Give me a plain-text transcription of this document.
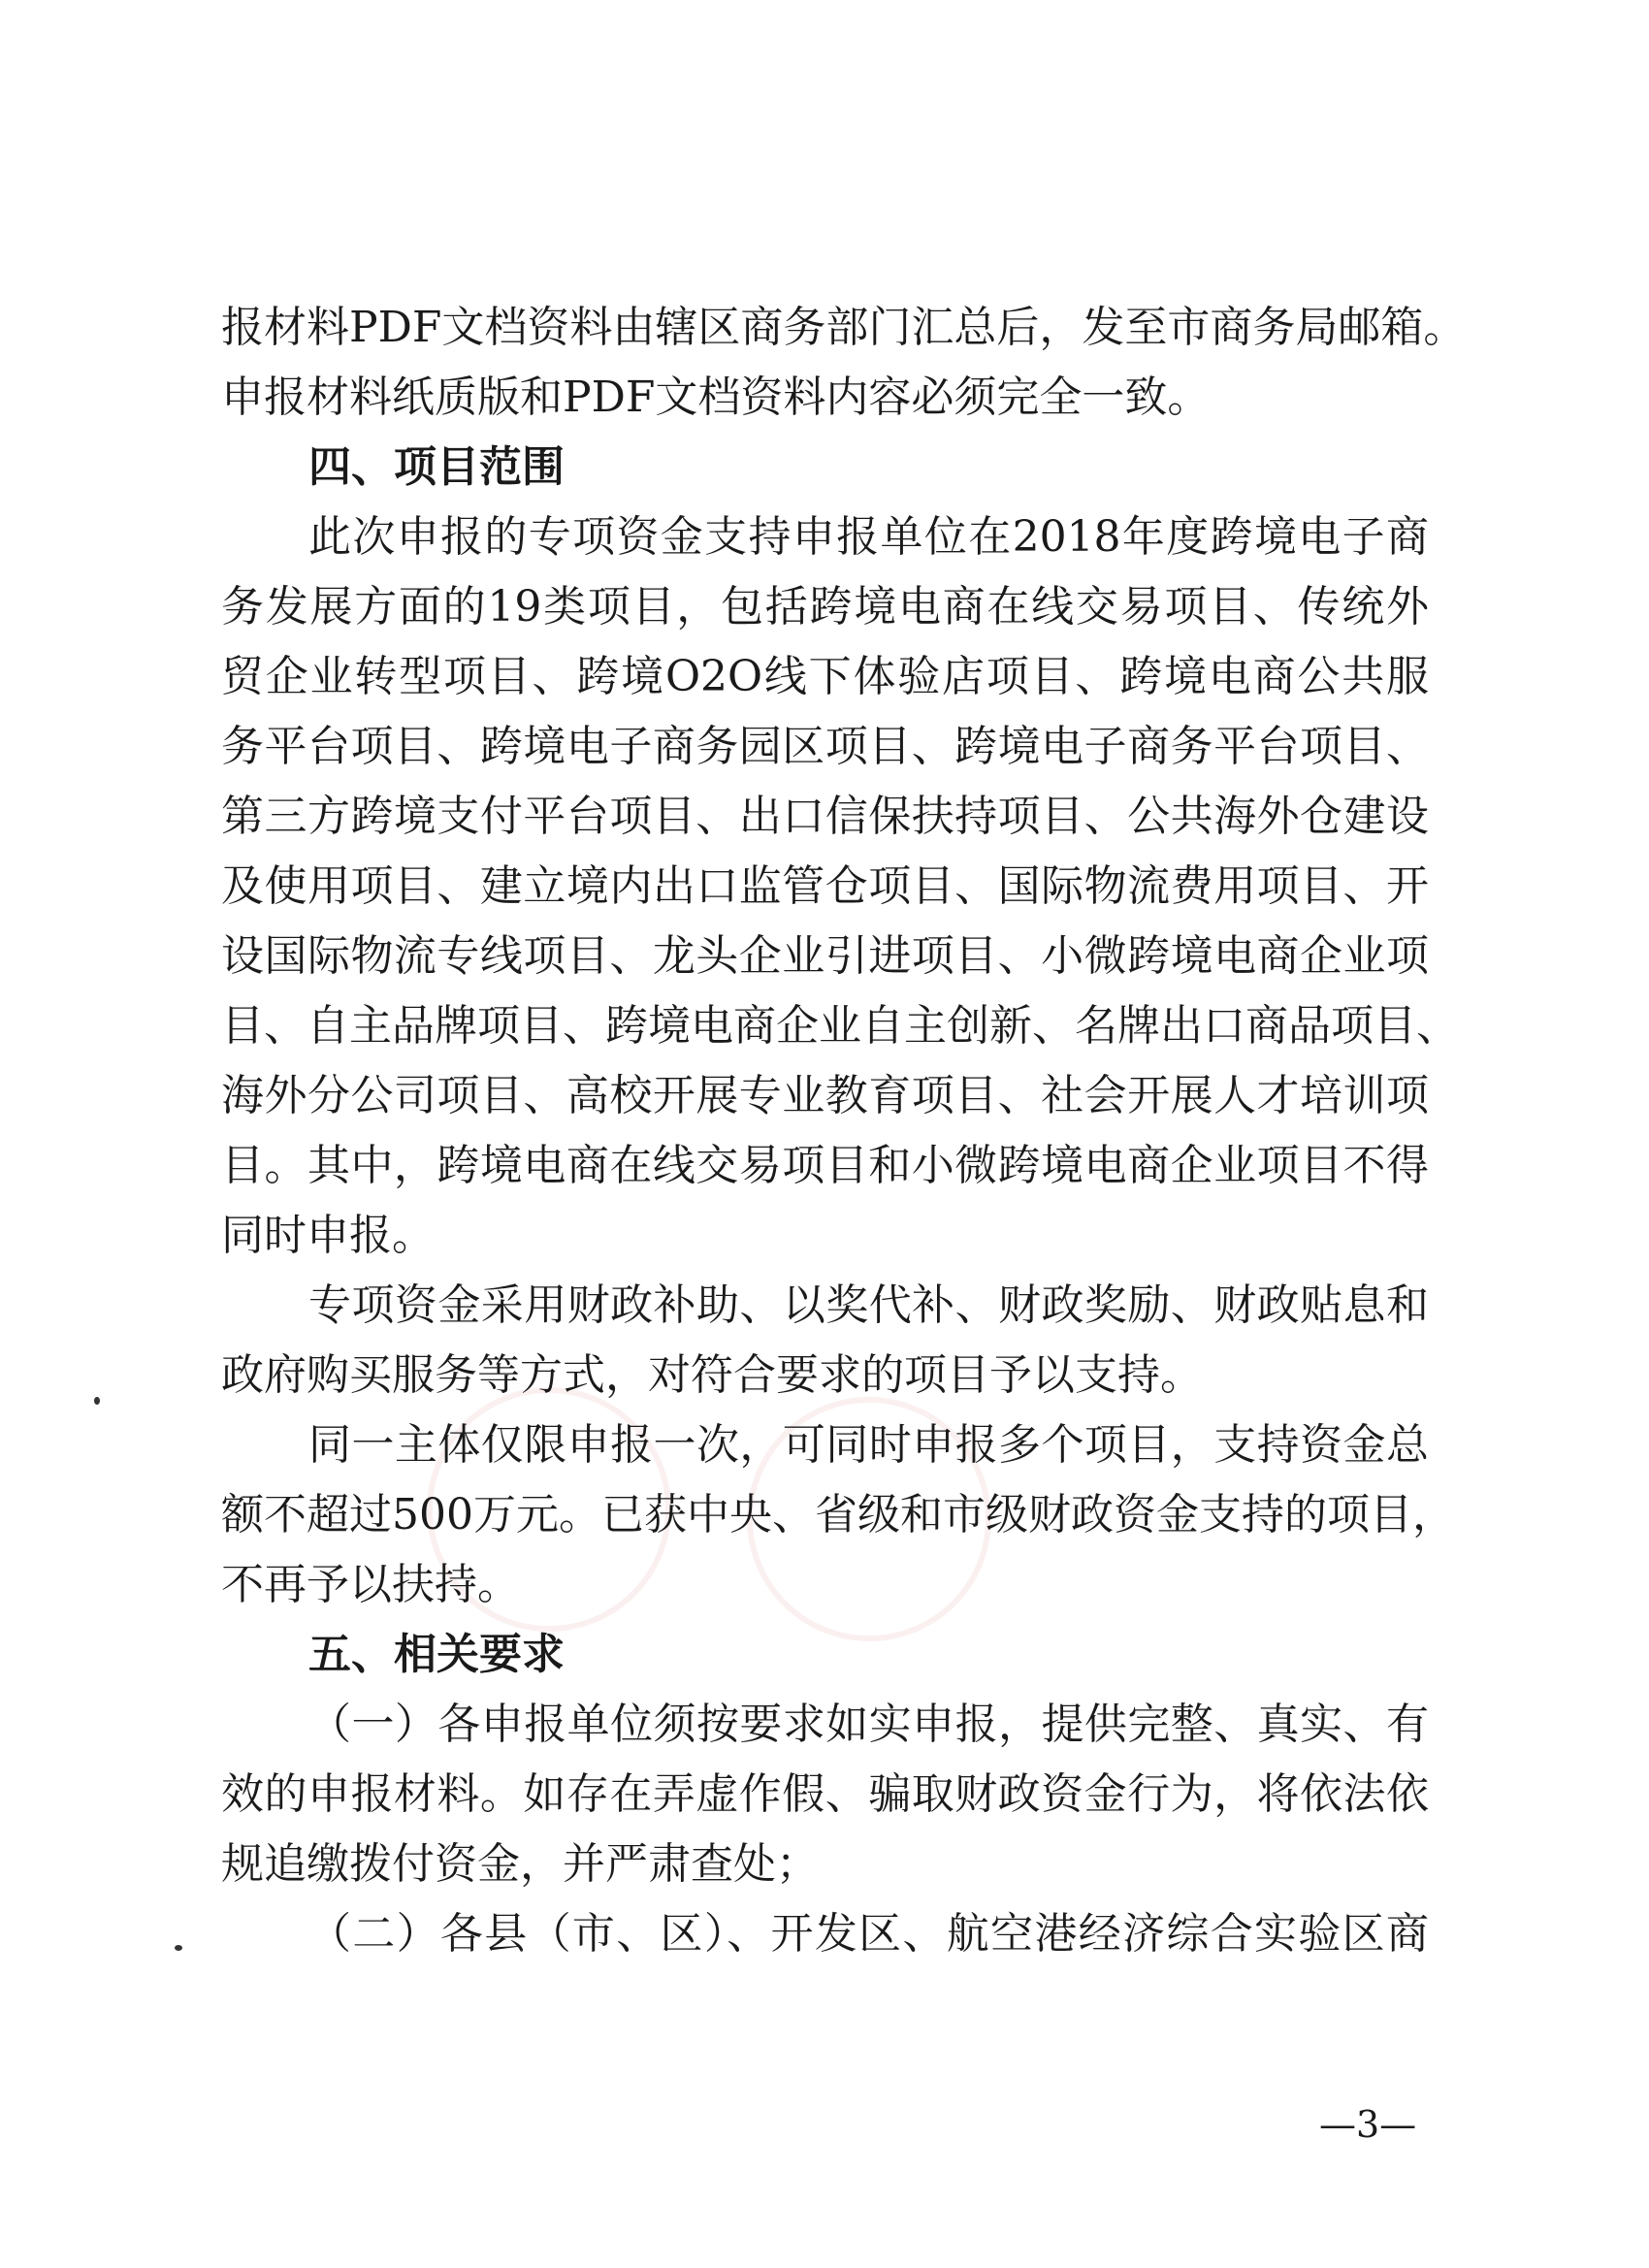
报材料PDF文档资料由辖区商务部门汇总后，发至市商务局邮箱。
申报材料纸质版和PDF文档资料内容必须完全一致。
四、项目范围
此次申报的专项资金支持申报单位在2018年度跨境电子商
务发展方面的19类项目，包括跨境电商在线交易项目、传统外
贸企业转型项目、跨境O2O线下体验店项目、跨境电商公共服
务平台项目、跨境电子商务园区项目、跨境电子商务平台项目、
第三方跨境支付平台项目、出口信保扶持项目、公共海外仓建设
及使用项目、建立境内出口监管仓项目、国际物流费用项目、开
设国际物流专线项目、龙头企业引进项目、小微跨境电商企业项
目、自主品牌项目、跨境电商企业自主创新、名牌出口商品项目、
海外分公司项目、高校开展专业教育项目、社会开展人才培训项
目。其中，跨境电商在线交易项目和小微跨境电商企业项目不得
同时申报。
专项资金采用财政补助、以奖代补、财政奖励、财政贴息和
政府购买服务等方式，对符合要求的项目予以支持。
同一主体仅限申报一次，可同时申报多个项目，支持资金总
额不超过500万元。已获中央、省级和市级财政资金支持的项目，
不再予以扶持。
五、相关要求
（一）各申报单位须按要求如实申报，提供完整、真实、有
效的申报材料。如存在弄虚作假、骗取财政资金行为，将依法依
规追缴拨付资金，并严肃查处；
（二）各县（市、区）、开发区、航空港经济综合实验区商
—3—
